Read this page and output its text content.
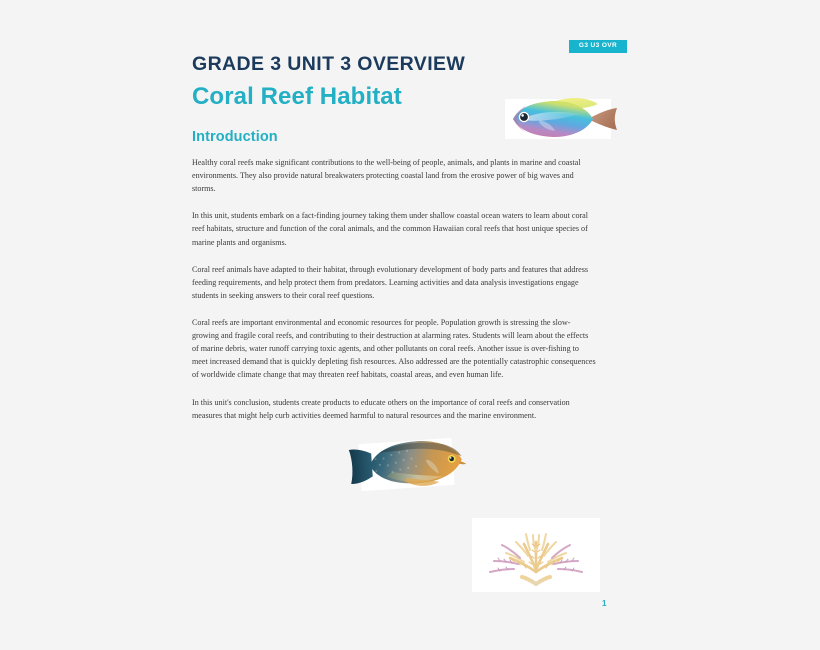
G3 U3 OVR
GRADE 3 UNIT 3 OVERVIEW
Coral Reef Habitat
Introduction

Healthy coral reefs make significant contributions to the well-being of people, animals, and plants in marine and coastal environments. They also provide natural breakwaters protecting coastal land from the erosive power of big waves and storms.

In this unit, students embark on a fact-finding journey taking them under shallow coastal ocean waters to learn about coral reef habitats, structure and function of the coral animals, and the common Hawaiian coral reefs that host unique species of marine plants and organisms.

Coral reef animals have adapted to their habitat, through evolutionary development of body parts and features that address feeding requirements, and help protect them from predators. Learning activities and data analysis investigations engage students in seeking answers to their coral reef questions.

Coral reefs are important environmental and economic resources for people. Population growth is stressing the slow-growing and fragile coral reefs, and contributing to their destruction at alarming rates. Students will learn about the effects of marine debris, water runoff carrying toxic agents, and other pollutants on coral reefs. Another issue is over-fishing to meet increased demand that is quickly depleting fish resources. Also addressed are the potentially catastrophic consequences of worldwide climate change that may threaten reef habitats, coastal areas, and even human life.

In this unit's conclusion, students create products to educate others on the importance of coral reefs and conservation measures that might help curb activities deemed harmful to natural resources and the marine environment.

1
